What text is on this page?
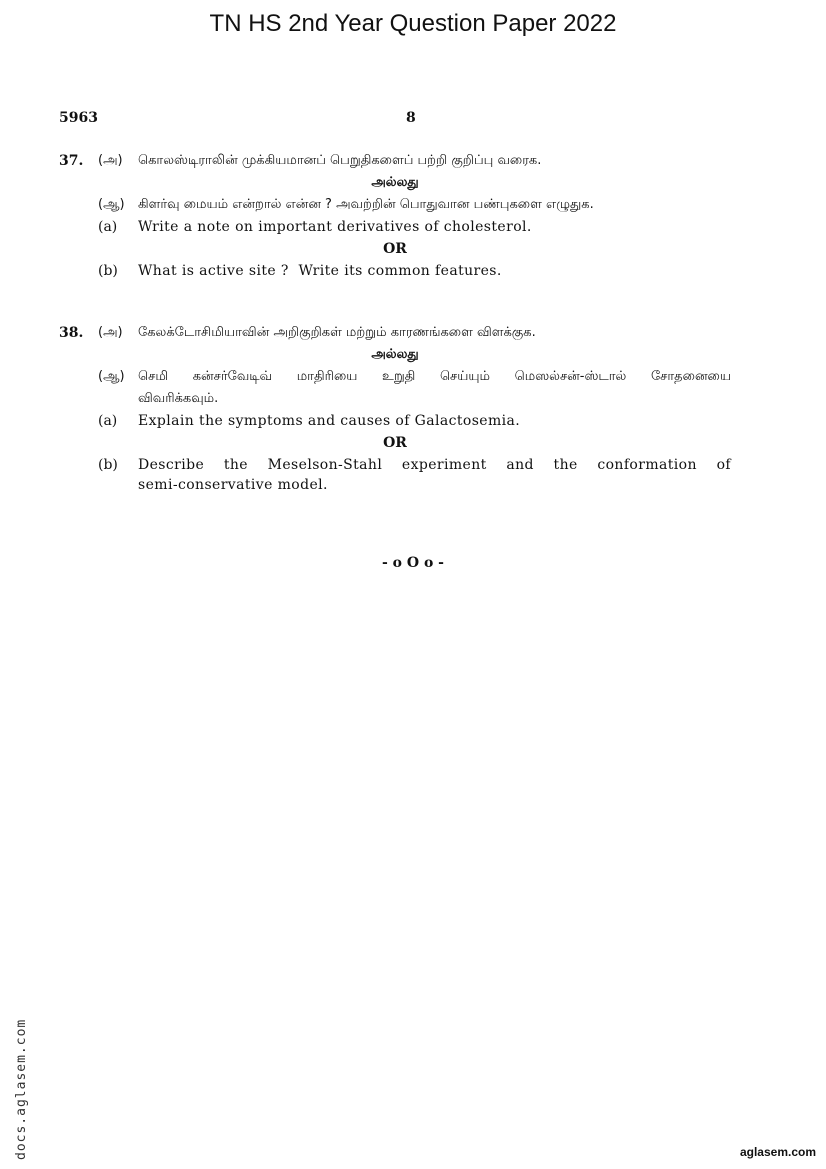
TN HS 2nd Year Question Paper 2022
5963	8
37. (அ) கொலஸ்டிராலின் முக்கியமானப் பெறுதிகளைப் பற்றி குறிப்பு வரைக.
அல்லது
(ஆ) கிளர்வு மையம் என்றால் என்ன ? அவற்றின் பொதுவான பண்புகளை எழுதுக.
(a) Write a note on important derivatives of cholesterol.
OR
(b) What is active site ?  Write its common features.
38. (அ) கேலக்டோசிமியாவின் அறிகுறிகள் மற்றும் காரணங்களை விளக்குக.
அல்லது
(ஆ) செமி கன்சர்வேடிவ் மாதிரியை உறுதி செய்யும் மெஸல்சன்-ஸ்டால் சோதனையை
விவரிக்கவும்.
(a) Explain the symptoms and causes of Galactosemia.
OR
(b) Describe the Meselson-Stahl experiment and the conformation of
semi-conservative model.
- o O o -
docs.aglasem.com	aglasem.com
